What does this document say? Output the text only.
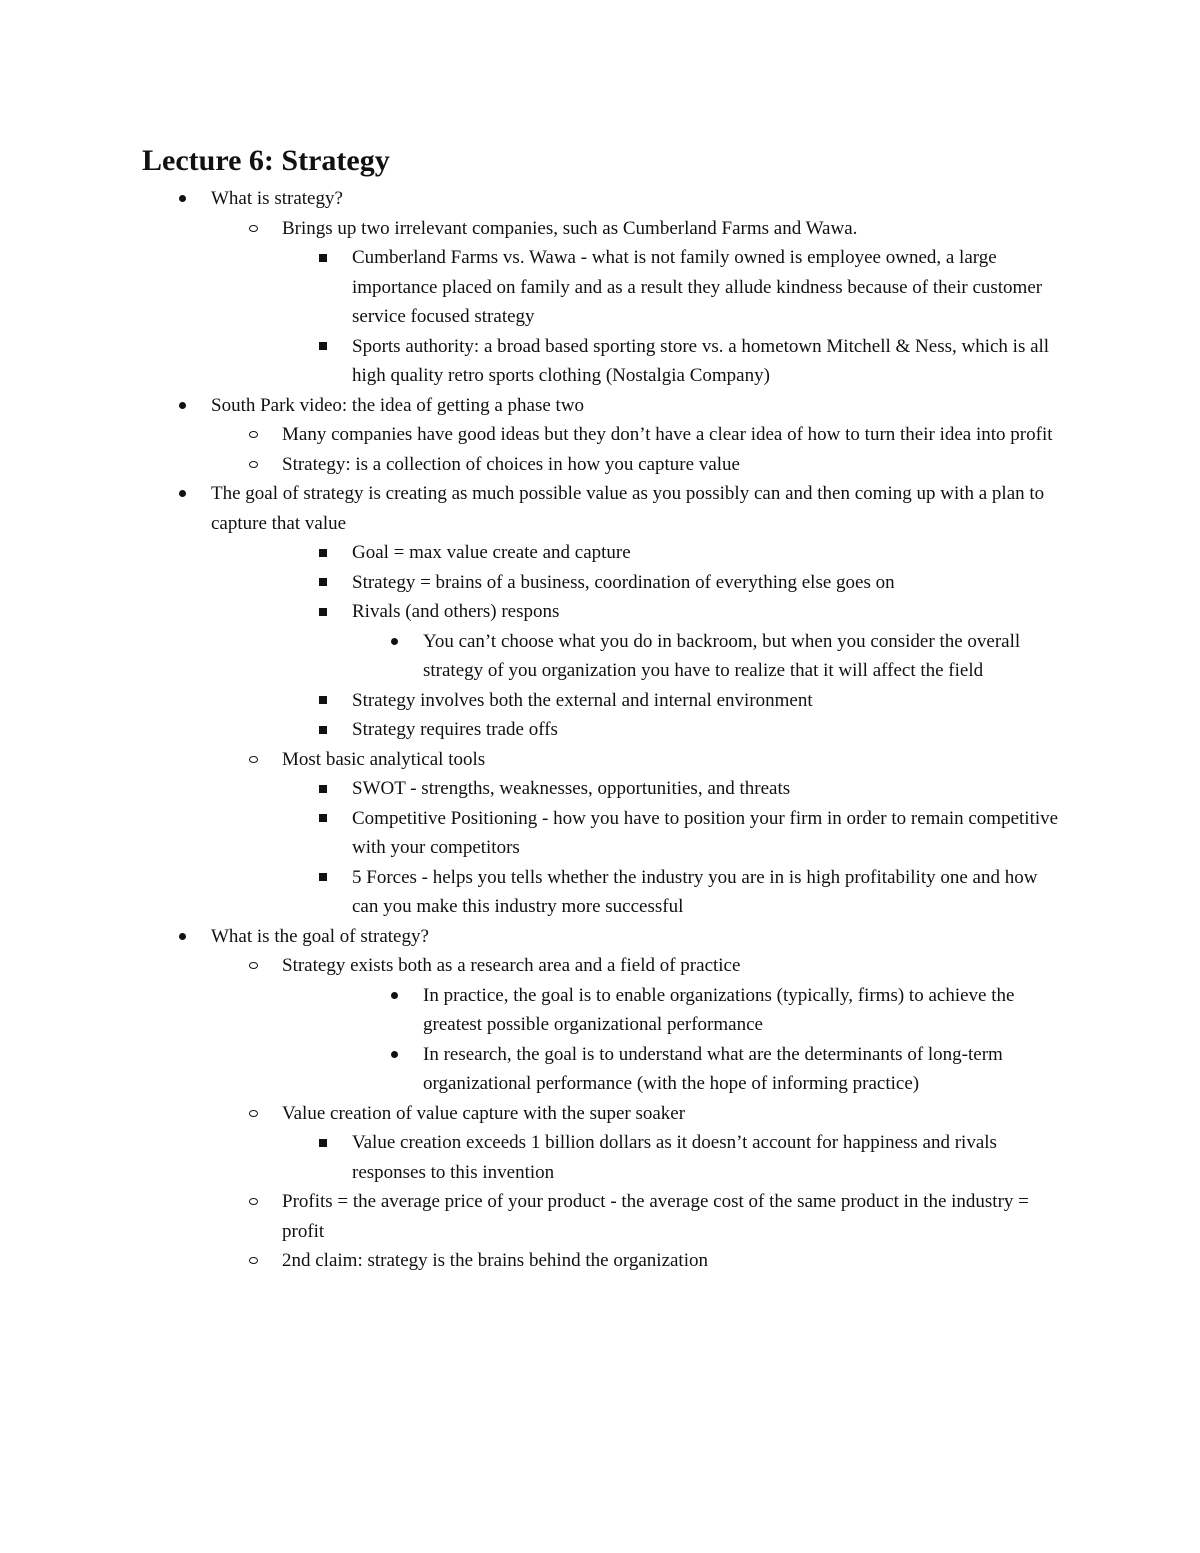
Lecture 6: Strategy
What is strategy?
Brings up two irrelevant companies, such as Cumberland Farms and Wawa.
Cumberland Farms vs. Wawa - what is not family owned is employee owned, a large importance placed on family and as a result they allude kindness because of their customer service focused strategy
Sports authority: a broad based sporting store vs. a hometown Mitchell & Ness, which is all high quality retro sports clothing (Nostalgia Company)
South Park video: the idea of getting a phase two
Many companies have good ideas but they don’t have a clear idea of how to turn their idea into profit
Strategy: is a collection of choices in how you capture value
The goal of strategy is creating as much possible value as you possibly can and then coming up with a plan to capture that value
Goal = max value create and capture
Strategy = brains of a business, coordination of everything else goes on
Rivals (and others) respons
You can’t choose what you do in backroom, but when you consider the overall strategy of you organization you have to realize that it will affect the field
Strategy involves both the external and internal environment
Strategy requires trade offs
Most basic analytical tools
SWOT - strengths, weaknesses, opportunities, and threats
Competitive Positioning - how you have to position your firm in order to remain competitive with your competitors
5 Forces - helps you tells whether the industry you are in is high profitability one and how can you make this industry more successful
What is the goal of strategy?
Strategy exists both as a research area and a field of practice
In practice, the goal is to enable organizations (typically, firms) to achieve the greatest possible organizational performance
In research, the goal is to understand what are the determinants of long-term organizational performance (with the hope of informing practice)
Value creation of value capture with the super soaker
Value creation exceeds 1 billion dollars as it doesn’t account for happiness and rivals responses to this invention
Profits = the average price of your product - the average cost of the same product in the industry = profit
2nd claim: strategy is the brains behind the organization
